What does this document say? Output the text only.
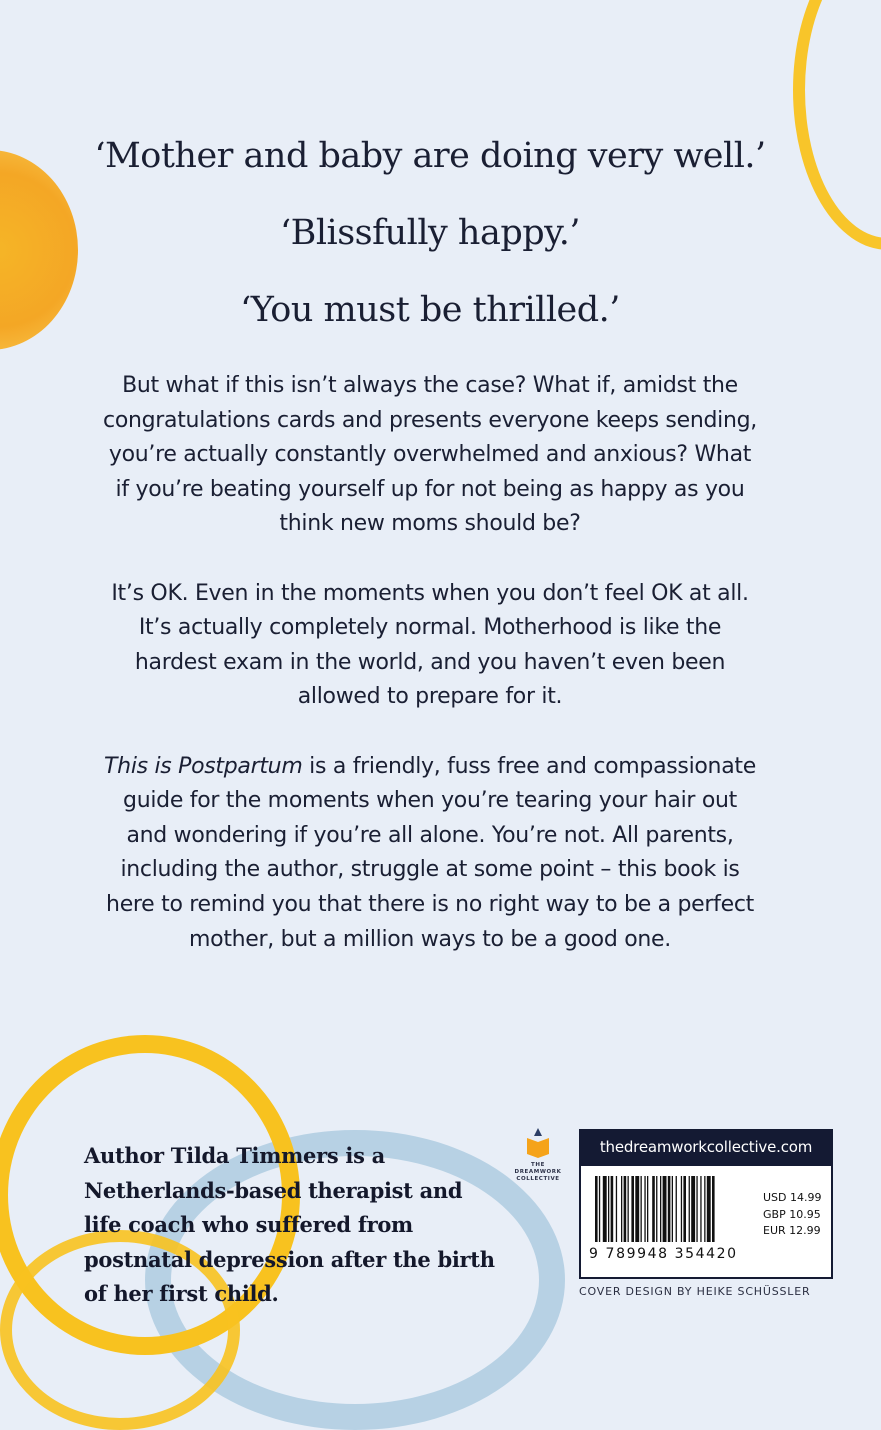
‘Mother and baby are doing very well.’
‘Blissfully happy.’
‘You must be thrilled.’

But what if this isn’t always the case? What if, amidst the congratulations cards and presents everyone keeps sending, you’re actually constantly overwhelmed and anxious? What if you’re beating yourself up for not being as happy as you think new moms should be?

It’s OK. Even in the moments when you don’t feel OK at all. It’s actually completely normal. Motherhood is like the hardest exam in the world, and you haven’t even been allowed to prepare for it.

This is Postpartum is a friendly, fuss free and compassionate guide for the moments when you’re tearing your hair out and wondering if you’re all alone. You’re not. All parents, including the author, struggle at some point – this book is here to remind you that there is no right way to be a perfect mother, but a million ways to be a good one.

Author Tilda Timmers is a Netherlands-based therapist and life coach who suffered from postnatal depression after the birth of her first child.
THE
DREAMWORK
COLLECTIVE
thedreamworkcollective.com
9 789948 354420
USD 14.99
GBP 10.95
EUR 12.99
COVER DESIGN BY HEIKE SCHÜSSLER
